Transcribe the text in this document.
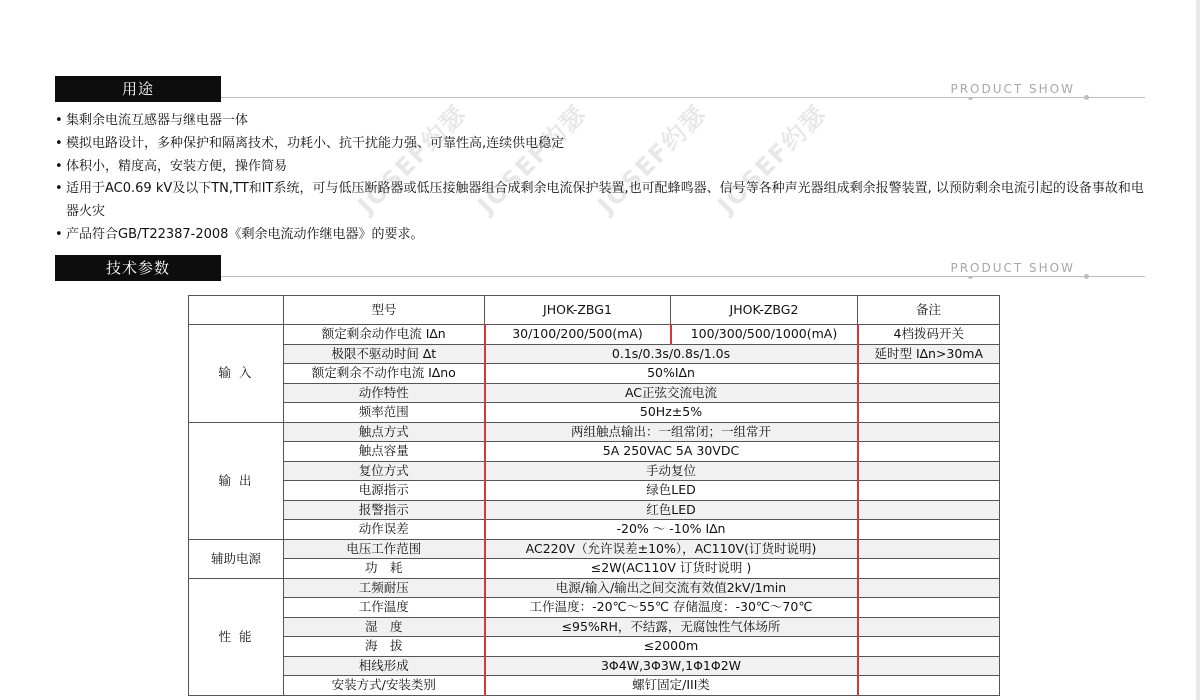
用途	PRODUCT SHOW
JOSEF约瑟 JOSEF约瑟 JOSEF约瑟 JOSEF约瑟
• 集剩余电流互感器与继电器一体
• 模拟电路设计，多种保护和隔离技术，功耗小、抗干扰能力强、可靠性高,连续供电稳定
• 体积小，精度高，安装方便，操作简易
• 适用于AC0.69 kV及以下TN,TT和IT系统，可与低压断路器或低压接触器组合成剩余电流保护装置,也可配蜂鸣器、信号等各种声光器组成剩余报警装置, 以预防剩余电流引起的设备事故和电器火灾
• 产品符合GB/T22387-2008《剩余电流动作继电器》的要求。
技术参数	PRODUCT SHOW
	型号	JHOK-ZBG1	JHOK-ZBG2	备注
输 入	额定剩余动作电流 I∆n	30/100/200/500(mA)	100/300/500/1000(mA)	4档拨码开关
	极限不驱动时间 ∆t	0.1s/0.3s/0.8s/1.0s		延时型 I∆n>30mA
	额定剩余不动作电流 I∆no	50%I∆n		
	动作特性	AC正弦交流电流		
	频率范围	50Hz±5%		
输 出	触点方式	两组触点输出：一组常闭；一组常开		
	触点容量	5A 250VAC 5A 30VDC		
	复位方式	手动复位		
	电源指示	绿色LED		
	报警指示	红色LED		
	动作误差	-20% ～ -10% I∆n		
辅助电源	电压工作范围	AC220V（允许误差±10%），AC110V(订货时说明)		
	功　耗	≤2W(AC110V 订货时说明 )		
性 能	工频耐压	电源/输入/输出之间交流有效值2kV/1min		
	工作温度	工作温度：-20℃～55℃ 存储温度：-30℃～70℃		
	湿　度	≤95%RH，不结露，无腐蚀性气体场所		
	海　拔	≤2000m		
	相线形成	3Φ4W,3Φ3W,1Φ1Φ2W		
	安装方式/安装类别	螺钉固定/III类		
